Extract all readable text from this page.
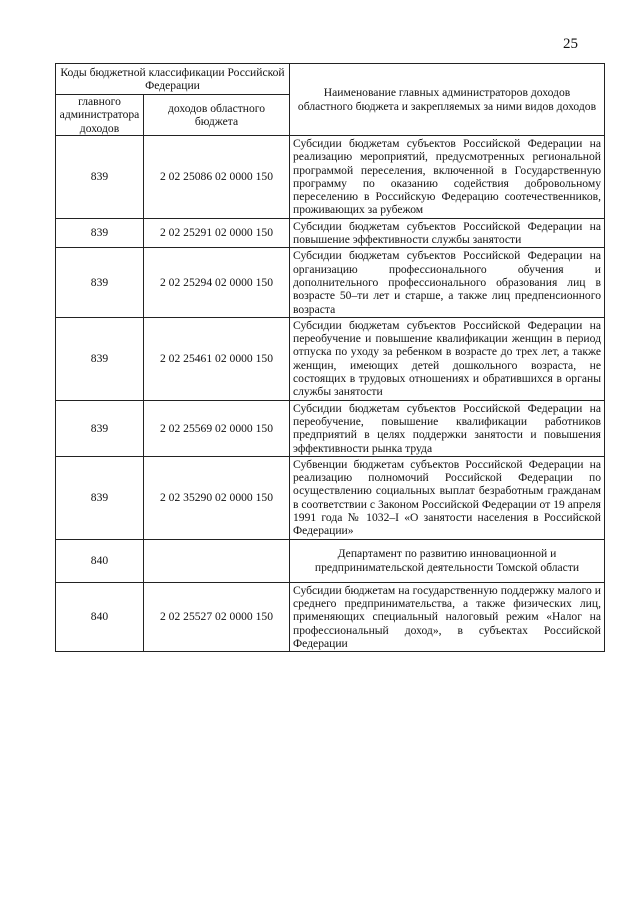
25
Коды бюджетной классификации Российской Федерации		Наименование главных администраторов доходов областного бюджета и закрепляемых за ними видов доходов
главного администратора доходов	доходов областного бюджета	
839	2 02 25086 02 0000 150	Субсидии бюджетам субъектов Российской Федерации на реализацию мероприятий, предусмотренных региональной программой переселения, включенной в Государственную программу по оказанию содействия добровольному переселению в Российскую Федерацию соотечественников, проживающих за рубежом
839	2 02 25291 02 0000 150	Субсидии бюджетам субъектов Российской Федерации на повышение эффективности службы занятости
839	2 02 25294 02 0000 150	Субсидии бюджетам субъектов Российской Федерации на организацию профессионального обучения и дополнительного профессионального образования лиц в возрасте 50–ти лет и старше, а также лиц предпенсионного возраста
839	2 02 25461 02 0000 150	Субсидии бюджетам субъектов Российской Федерации на переобучение и повышение квалификации женщин в период отпуска по уходу за ребенком в возрасте до трех лет, а также женщин, имеющих детей дошкольного возраста, не состоящих в трудовых отношениях и обратившихся в органы службы занятости
839	2 02 25569 02 0000 150	Субсидии бюджетам субъектов Российской Федерации на переобучение, повышение квалификации работников предприятий в целях поддержки занятости и повышения эффективности рынка труда
839	2 02 35290 02 0000 150	Субвенции бюджетам субъектов Российской Федерации на реализацию полномочий Российской Федерации по осуществлению социальных выплат безработным гражданам в соответствии с Законом Российской Федерации от 19 апреля 1991 года № 1032–I «О занятости населения в Российской Федерации»
840		Департамент по развитию инновационной и предпринимательской деятельности Томской области
840	2 02 25527 02 0000 150	Субсидии бюджетам на государственную поддержку малого и среднего предпринимательства, а также физических лиц, применяющих специальный налоговый режим «Налог на профессиональный доход», в субъектах Российской Федерации
